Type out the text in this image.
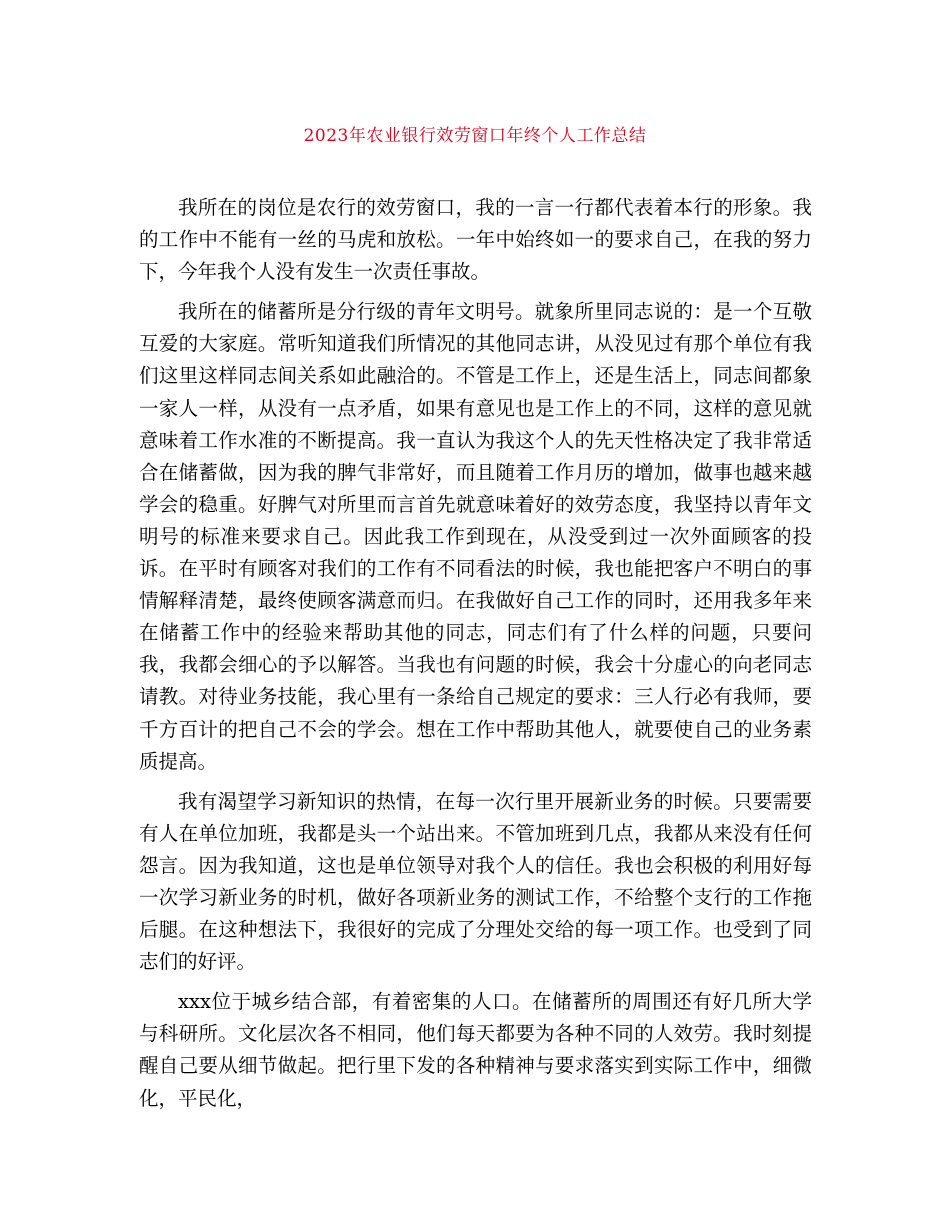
2023年农业银行效劳窗口年终个人工作总结

我所在的岗位是农行的效劳窗口，我的一言一行都代表着本行的形象。我的工作中不能有一丝的马虎和放松。一年中始终如一的要求自己，在我的努力下，今年我个人没有发生一次责任事故。

我所在的储蓄所是分行级的青年文明号。就象所里同志说的：是一个互敬互爱的大家庭。常听知道我们所情况的其他同志讲，从没见过有那个单位有我们这里这样同志间关系如此融洽的。不管是工作上，还是生活上，同志间都象一家人一样，从没有一点矛盾，如果有意见也是工作上的不同，这样的意见就意味着工作水准的不断提高。我一直认为我这个人的先天性格决定了我非常适合在储蓄做，因为我的脾气非常好，而且随着工作月历的增加，做事也越来越学会的稳重。好脾气对所里而言首先就意味着好的效劳态度，我坚持以青年文明号的标准来要求自己。因此我工作到现在，从没受到过一次外面顾客的投诉。在平时有顾客对我们的工作有不同看法的时候，我也能把客户不明白的事情解释清楚，最终使顾客满意而归。在我做好自己工作的同时，还用我多年来在储蓄工作中的经验来帮助其他的同志，同志们有了什么样的问题，只要问我，我都会细心的予以解答。当我也有问题的时候，我会十分虚心的向老同志请教。对待业务技能，我心里有一条给自己规定的要求：三人行必有我师，要千方百计的把自己不会的学会。想在工作中帮助其他人，就要使自己的业务素质提高。

我有渴望学习新知识的热情，在每一次行里开展新业务的时候。只要需要有人在单位加班，我都是头一个站出来。不管加班到几点，我都从来没有任何怨言。因为我知道，这也是单位领导对我个人的信任。我也会积极的利用好每一次学习新业务的时机，做好各项新业务的测试工作，不给整个支行的工作拖后腿。在这种想法下，我很好的完成了分理处交给的每一项工作。也受到了同志们的好评。

xxx位于城乡结合部，有着密集的人口。在储蓄所的周围还有好几所大学与科研所。文化层次各不相同，他们每天都要为各种不同的人效劳。我时刻提醒自己要从细节做起。把行里下发的各种精神与要求落实到实际工作中，细微化，平民化，
